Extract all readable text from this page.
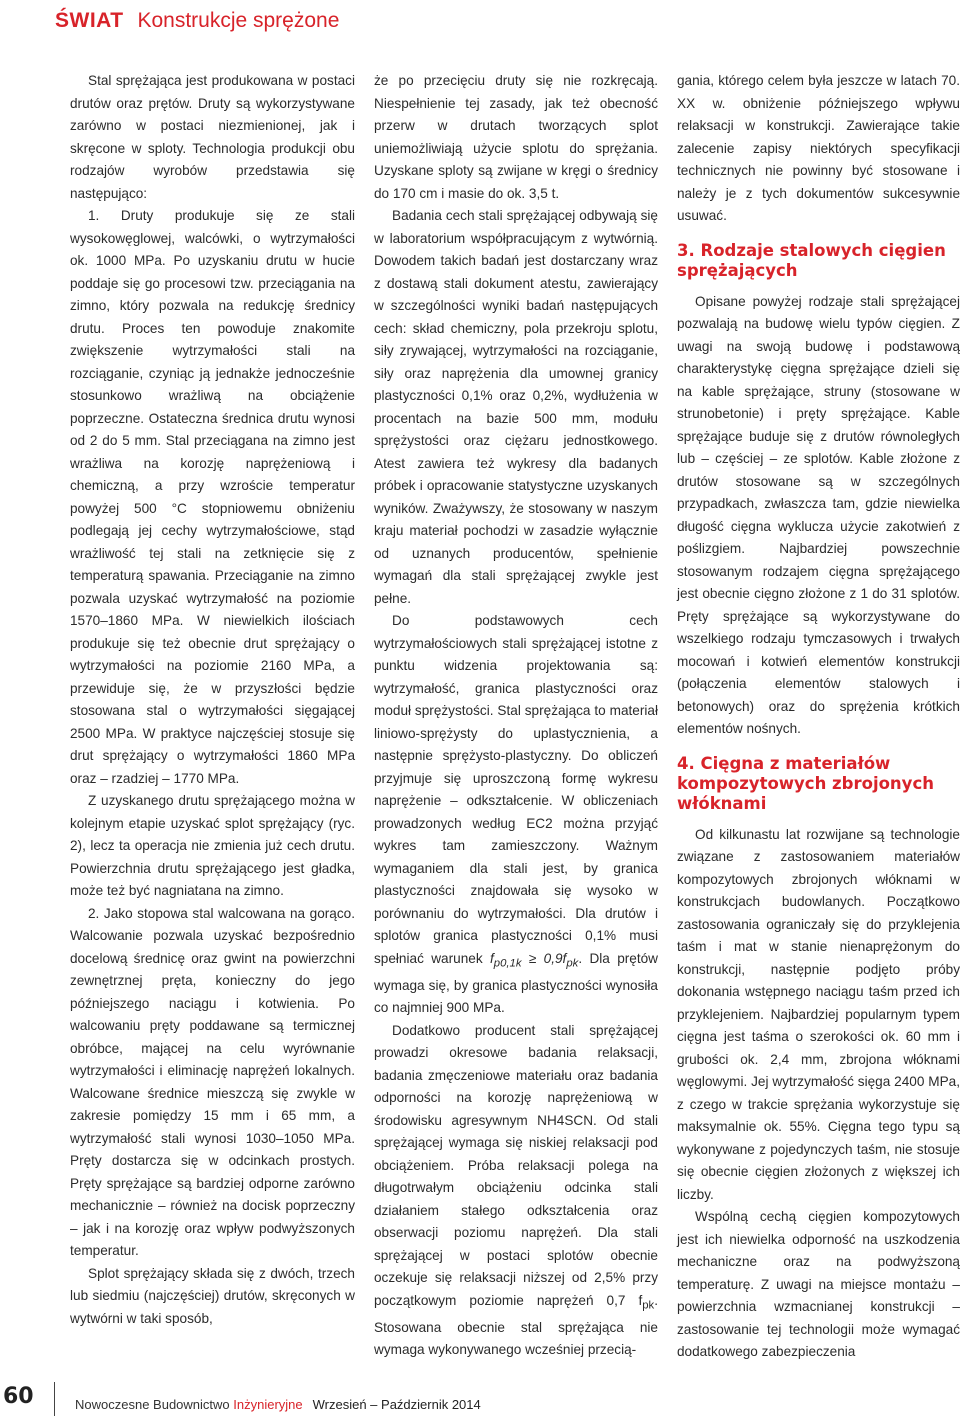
ŚWIAT Konstrukcje sprężone

Stal sprężająca jest produkowana w postaci drutów oraz prętów. Druty są wykorzystywane zarówno w postaci niezmienionej, jak i skręcone w sploty. Technologia produkcji obu rodzajów wyrobów przedstawia się następująco:

1. Druty produkuje się ze stali wysokowęglowej, walcówki, o wytrzymałości ok. 1000 MPa. Po uzyskaniu drutu w hucie poddaje się go procesowi tzw. przeciągania na zimno, który pozwala na redukcję średnicy drutu. Proces ten powoduje znakomite zwiększenie wytrzymałości stali na rozciąganie, czyniąc ją jednakże jednocześnie stosunkowo wrażliwą na obciążenie poprzeczne. Ostateczna średnica drutu wynosi od 2 do 5 mm. Stal przeciągana na zimno jest wrażliwa na korozję naprężeniową i chemiczną, a przy wzroście temperatur powyżej 500 °C stopniowemu obniżeniu podlegają jej cechy wytrzymałościowe, stąd wrażliwość tej stali na zetknięcie się z temperaturą spawania. Przeciąganie na zimno pozwala uzyskać wytrzymałość na poziomie 1570–1860 MPa. W niewielkich ilościach produkuje się też obecnie drut sprężający o wytrzymałości na poziomie 2160 MPa, a przewiduje się, że w przyszłości będzie stosowana stal o wytrzymałości sięgającej 2500 MPa. W praktyce najczęściej stosuje się drut sprężający o wytrzymałości 1860 MPa oraz – rzadziej – 1770 MPa.

Z uzyskanego drutu sprężającego można w kolejnym etapie uzyskać splot sprężający (ryc. 2), lecz ta operacja nie zmienia już cech drutu. Powierzchnia drutu sprężającego jest gładka, może też być nagniatana na zimno.

2. Jako stopowa stal walcowana na gorąco. Walcowanie pozwala uzyskać bezpośrednio docelową średnicę oraz gwint na powierzchni zewnętrznej pręta, konieczny do jego późniejszego naciągu i kotwienia. Po walcowaniu pręty poddawane są termicznej obróbce, mającej na celu wyrównanie wytrzymałości i eliminację naprężeń lokalnych. Walcowane średnice mieszczą się zwykle w zakresie pomiędzy 15 mm i 65 mm, a wytrzymałość stali wynosi 1030–1050 MPa. Pręty dostarcza się w odcinkach prostych. Pręty sprężające są bardziej odporne zarówno mechanicznie – również na docisk poprzeczny – jak i na korozję oraz wpływ podwyższonych temperatur.

Splot sprężający składa się z dwóch, trzech lub siedmiu (najczęściej) drutów, skręconych w wytwórni w taki sposób,

że po przecięciu druty się nie rozkręcają. Niespełnienie tej zasady, jak też obecność przerw w drutach tworzących splot uniemożliwiają użycie splotu do sprężania. Uzyskane sploty są zwijane w kręgi o średnicy do 170 cm i masie do ok. 3,5 t.

Badania cech stali sprężającej odbywają się w laboratorium współpracującym z wytwórnią. Dowodem takich badań jest dostarczany wraz z dostawą stali dokument atestu, zawierający w szczególności wyniki badań następujących cech: skład chemiczny, pola przekroju splotu, siły zrywającej, wytrzymałości na rozciąganie, siły oraz naprężenia dla umownej granicy plastyczności 0,1% oraz 0,2%, wydłużenia w procentach na bazie 500 mm, modułu sprężystości oraz ciężaru jednostkowego. Atest zawiera też wykresy dla badanych próbek i opracowanie statystyczne uzyskanych wyników. Zważywszy, że stosowany w naszym kraju materiał pochodzi w zasadzie wyłącznie od uznanych producentów, spełnienie wymagań dla stali sprężającej zwykle jest pełne.

Do podstawowych cech wytrzymałościowych stali sprężającej istotne z punktu widzenia projektowania są: wytrzymałość, granica plastyczności oraz moduł sprężystości. Stal sprężająca to materiał liniowo-sprężysty do uplastycznienia, a następnie sprężysto-plastyczny. Do obliczeń przyjmuje się uproszczoną formę wykresu naprężenie – odkształcenie. W obliczeniach prowadzonych według EC2 można przyjąć wykres tam zamieszczony. Ważnym wymaganiem dla stali jest, by granica plastyczności znajdowała się wysoko w porównaniu do wytrzymałości. Dla drutów i splotów granica plastyczności 0,1% musi spełniać warunek $f_{p0,1k} \ge 0,9f_{pk}$. Dla prętów wymaga się, by granica plastyczności wynosiła co najmniej 900 MPa.

Dodatkowo producent stali sprężającej prowadzi okresowe badania relaksacji, badania zmęczeniowe materiału oraz badania odporności na korozję naprężeniową w środowisku agresywnym NH4SCN. Od stali sprężającej wymaga się niskiej relaksacji pod obciążeniem. Próba relaksacji polega na długotrwałym obciążeniu odcinka stali działaniem stałego odkształcenia oraz obserwacji poziomu naprężeń. Dla stali sprężającej w postaci splotów obecnie oczekuje się relaksacji niższej od 2,5% przy początkowym poziomie naprężeń 0,7 $f_{pk}$. Stosowana obecnie stal sprężająca nie wymaga wykonywanego wcześniej przecią-

gania, którego celem była jeszcze w latach 70. XX w. obniżenie późniejszego wpływu relaksacji w konstrukcji. Zawierające takie zalecenie zapisy niektórych specyfikacji technicznych nie powinny być stosowane i należy je z tych dokumentów sukcesywnie usuwać.

3. Rodzaje stalowych cięgien sprężających

Opisane powyżej rodzaje stali sprężającej pozwalają na budowę wielu typów cięgien. Z uwagi na swoją budowę i podstawową charakterystykę cięgna sprężające dzieli się na kable sprężające, struny (stosowane w strunobetonie) i pręty sprężające. Kable sprężające buduje się z drutów równoległych lub – częściej – ze splotów. Kable złożone z drutów stosowane są w szczególnych przypadkach, zwłaszcza tam, gdzie niewielka długość cięgna wyklucza użycie zakotwień z poślizgiem. Najbardziej powszechnie stosowanym rodzajem cięgna sprężającego jest obecnie cięgno złożone z 1 do 31 splotów. Pręty sprężające są wykorzystywane do wszelkiego rodzaju tymczasowych i trwałych mocowań i kotwień elementów konstrukcji (połączenia elementów stalowych i betonowych) oraz do sprężenia krótkich elementów nośnych.

4. Cięgna z materiałów kompozytowych zbrojonych włóknami

Od kilkunastu lat rozwijane są technologie związane z zastosowaniem materiałów kompozytowych zbrojonych włóknami w konstrukcjach budowlanych. Początkowo zastosowania ograniczały się do przyklejenia taśm i mat w stanie nienaprężonym do konstrukcji, następnie podjęto próby dokonania wstępnego naciągu taśm przed ich przyklejeniem. Najbardziej popularnym typem cięgna jest taśma o szerokości ok. 60 mm i grubości ok. 2,4 mm, zbrojona włóknami węglowymi. Jej wytrzymałość sięga 2400 MPa, z czego w trakcie sprężania wykorzystuje się maksymalnie ok. 55%. Cięgna tego typu są wykonywane z pojedynczych taśm, nie stosuje się obecnie cięgien złożonych z większej ich liczby.

Wspólną cechą cięgien kompozytowych jest ich niewielka odporność na uszkodzenia mechaniczne oraz na podwyższoną temperaturę. Z uwagi na miejsce montażu – powierzchnia wzmacnianej konstrukcji – zastosowanie tej technologii może wymagać dodatkowego zabezpieczenia

60	Nowoczesne Budownictwo Inżynieryjne Wrzesień – Październik 2014
